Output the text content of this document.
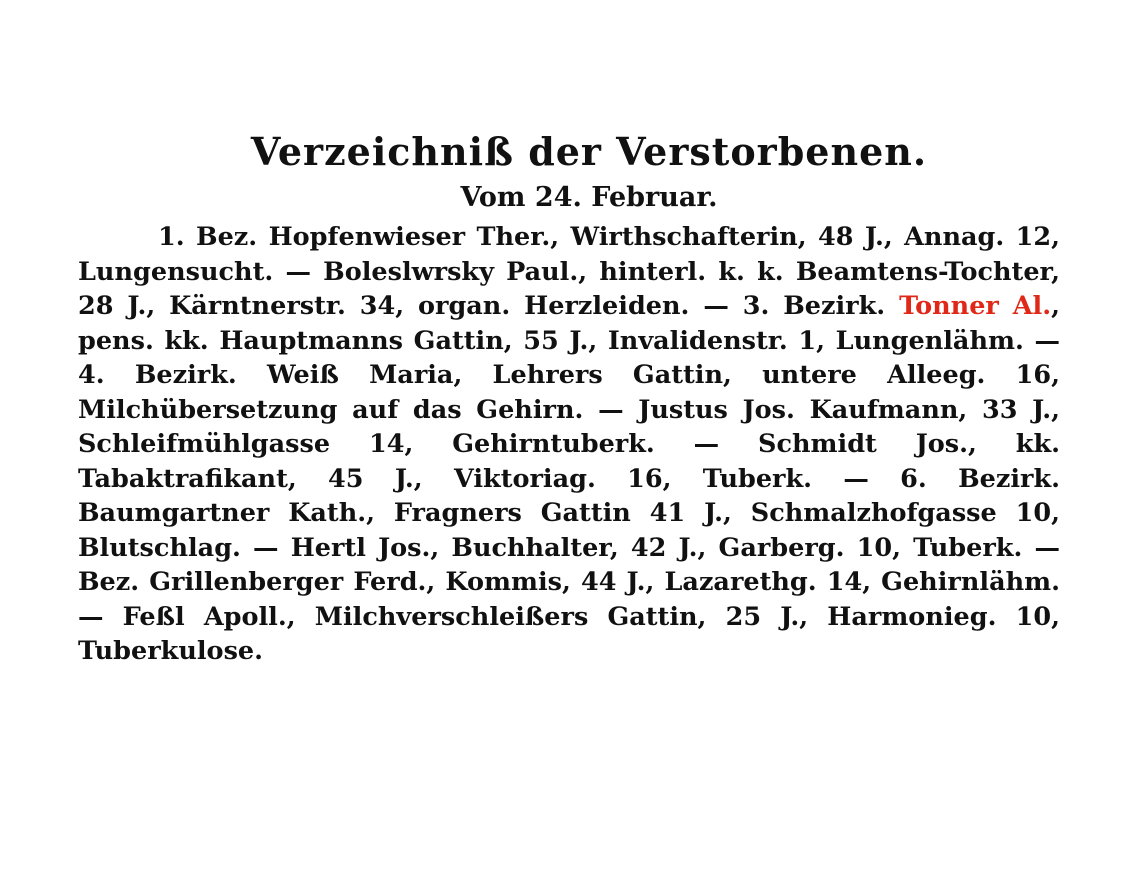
Verzeichniß der Verstorbenen.
Vom 24. Februar.

1. Bez. Hopfenwieser Ther., Wirthschafterin, 48 J., Annag. 12, Lungensucht. — Boleslwrsky Paul., hinterl. k. k. Beamtens-Tochter, 28 J., Kärntnerstr. 34, organ. Herzleiden. — 3. Bezirk. Tonner Al., pens. kk. Hauptmanns Gattin, 55 J., Invalidenstr. 1, Lungenlähm. — 4. Bezirk. Weiß Maria, Lehrers Gattin, untere Alleeg. 16, Milchübersetzung auf das Gehirn. — Justus Jos. Kaufmann, 33 J., Schleifmühlgasse 14, Gehirntuberk. — Schmidt Jos., kk. Tabaktrafikant, 45 J., Viktoriag. 16, Tuberk. — 6. Bezirk. Baumgartner Kath., Fragners Gattin 41 J., Schmalzhofgasse 10, Blutschlag. — Hertl Jos., Buchhalter, 42 J., Garberg. 10, Tuberk. — Bez. Grillenberger Ferd., Kommis, 44 J., Lazarethg. 14, Gehirnlähm. — Feßl Apoll., Milchverschleißers Gattin, 25 J., Harmonieg. 10, Tuberkulose.
